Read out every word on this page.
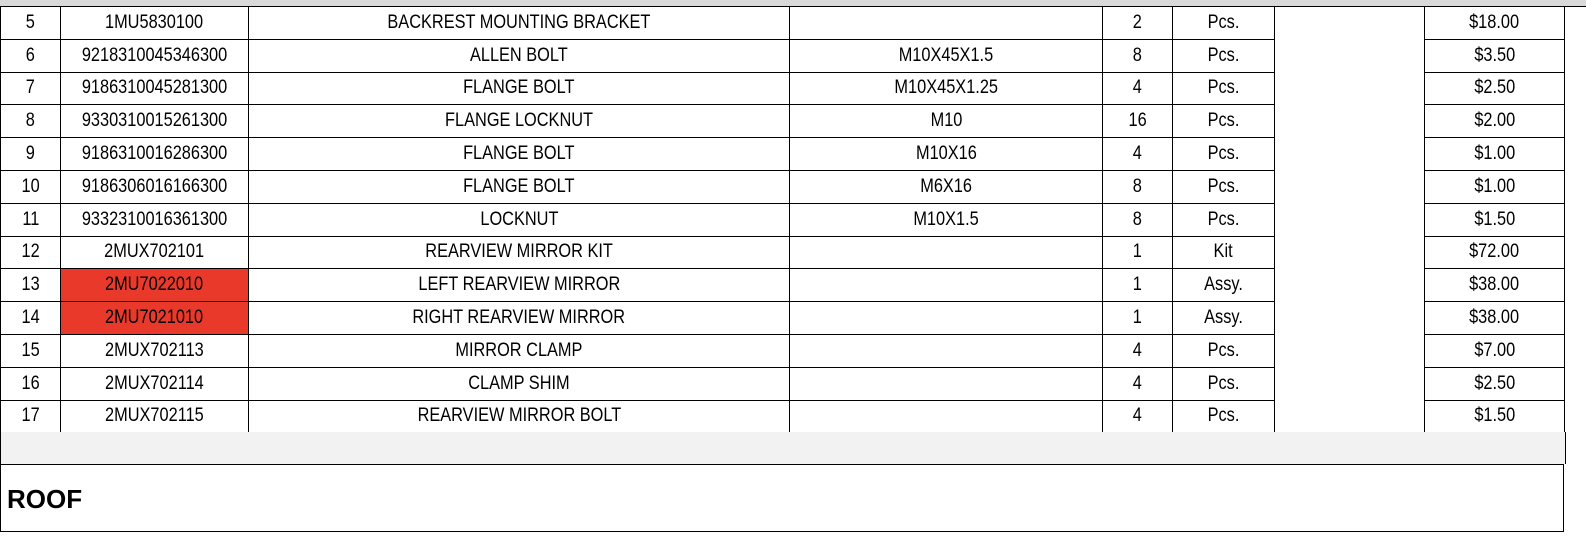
5	1MU5830100	BACKREST MOUNTING BRACKET		2	Pcs.		$18.00
6	9218310045346300	ALLEN BOLT	M10X45X1.5	8	Pcs.		$3.50
7	9186310045281300	FLANGE BOLT	M10X45X1.25	4	Pcs.		$2.50
8	9330310015261300	FLANGE LOCKNUT	M10	16	Pcs.		$2.00
9	9186310016286300	FLANGE BOLT	M10X16	4	Pcs.		$1.00
10	9186306016166300	FLANGE BOLT	M6X16	8	Pcs.		$1.00
11	9332310016361300	LOCKNUT	M10X1.5	8	Pcs.		$1.50
12	2MUX702101	REARVIEW MIRROR KIT		1	Kit		$72.00
13	2MU7022010	LEFT REARVIEW MIRROR		1	Assy.		$38.00
14	2MU7021010	RIGHT REARVIEW MIRROR		1	Assy.		$38.00
15	2MUX702113	MIRROR CLAMP		4	Pcs.		$7.00
16	2MUX702114	CLAMP SHIM		4	Pcs.		$2.50
17	2MUX702115	REARVIEW MIRROR BOLT		4	Pcs.		$1.50
ROOF
